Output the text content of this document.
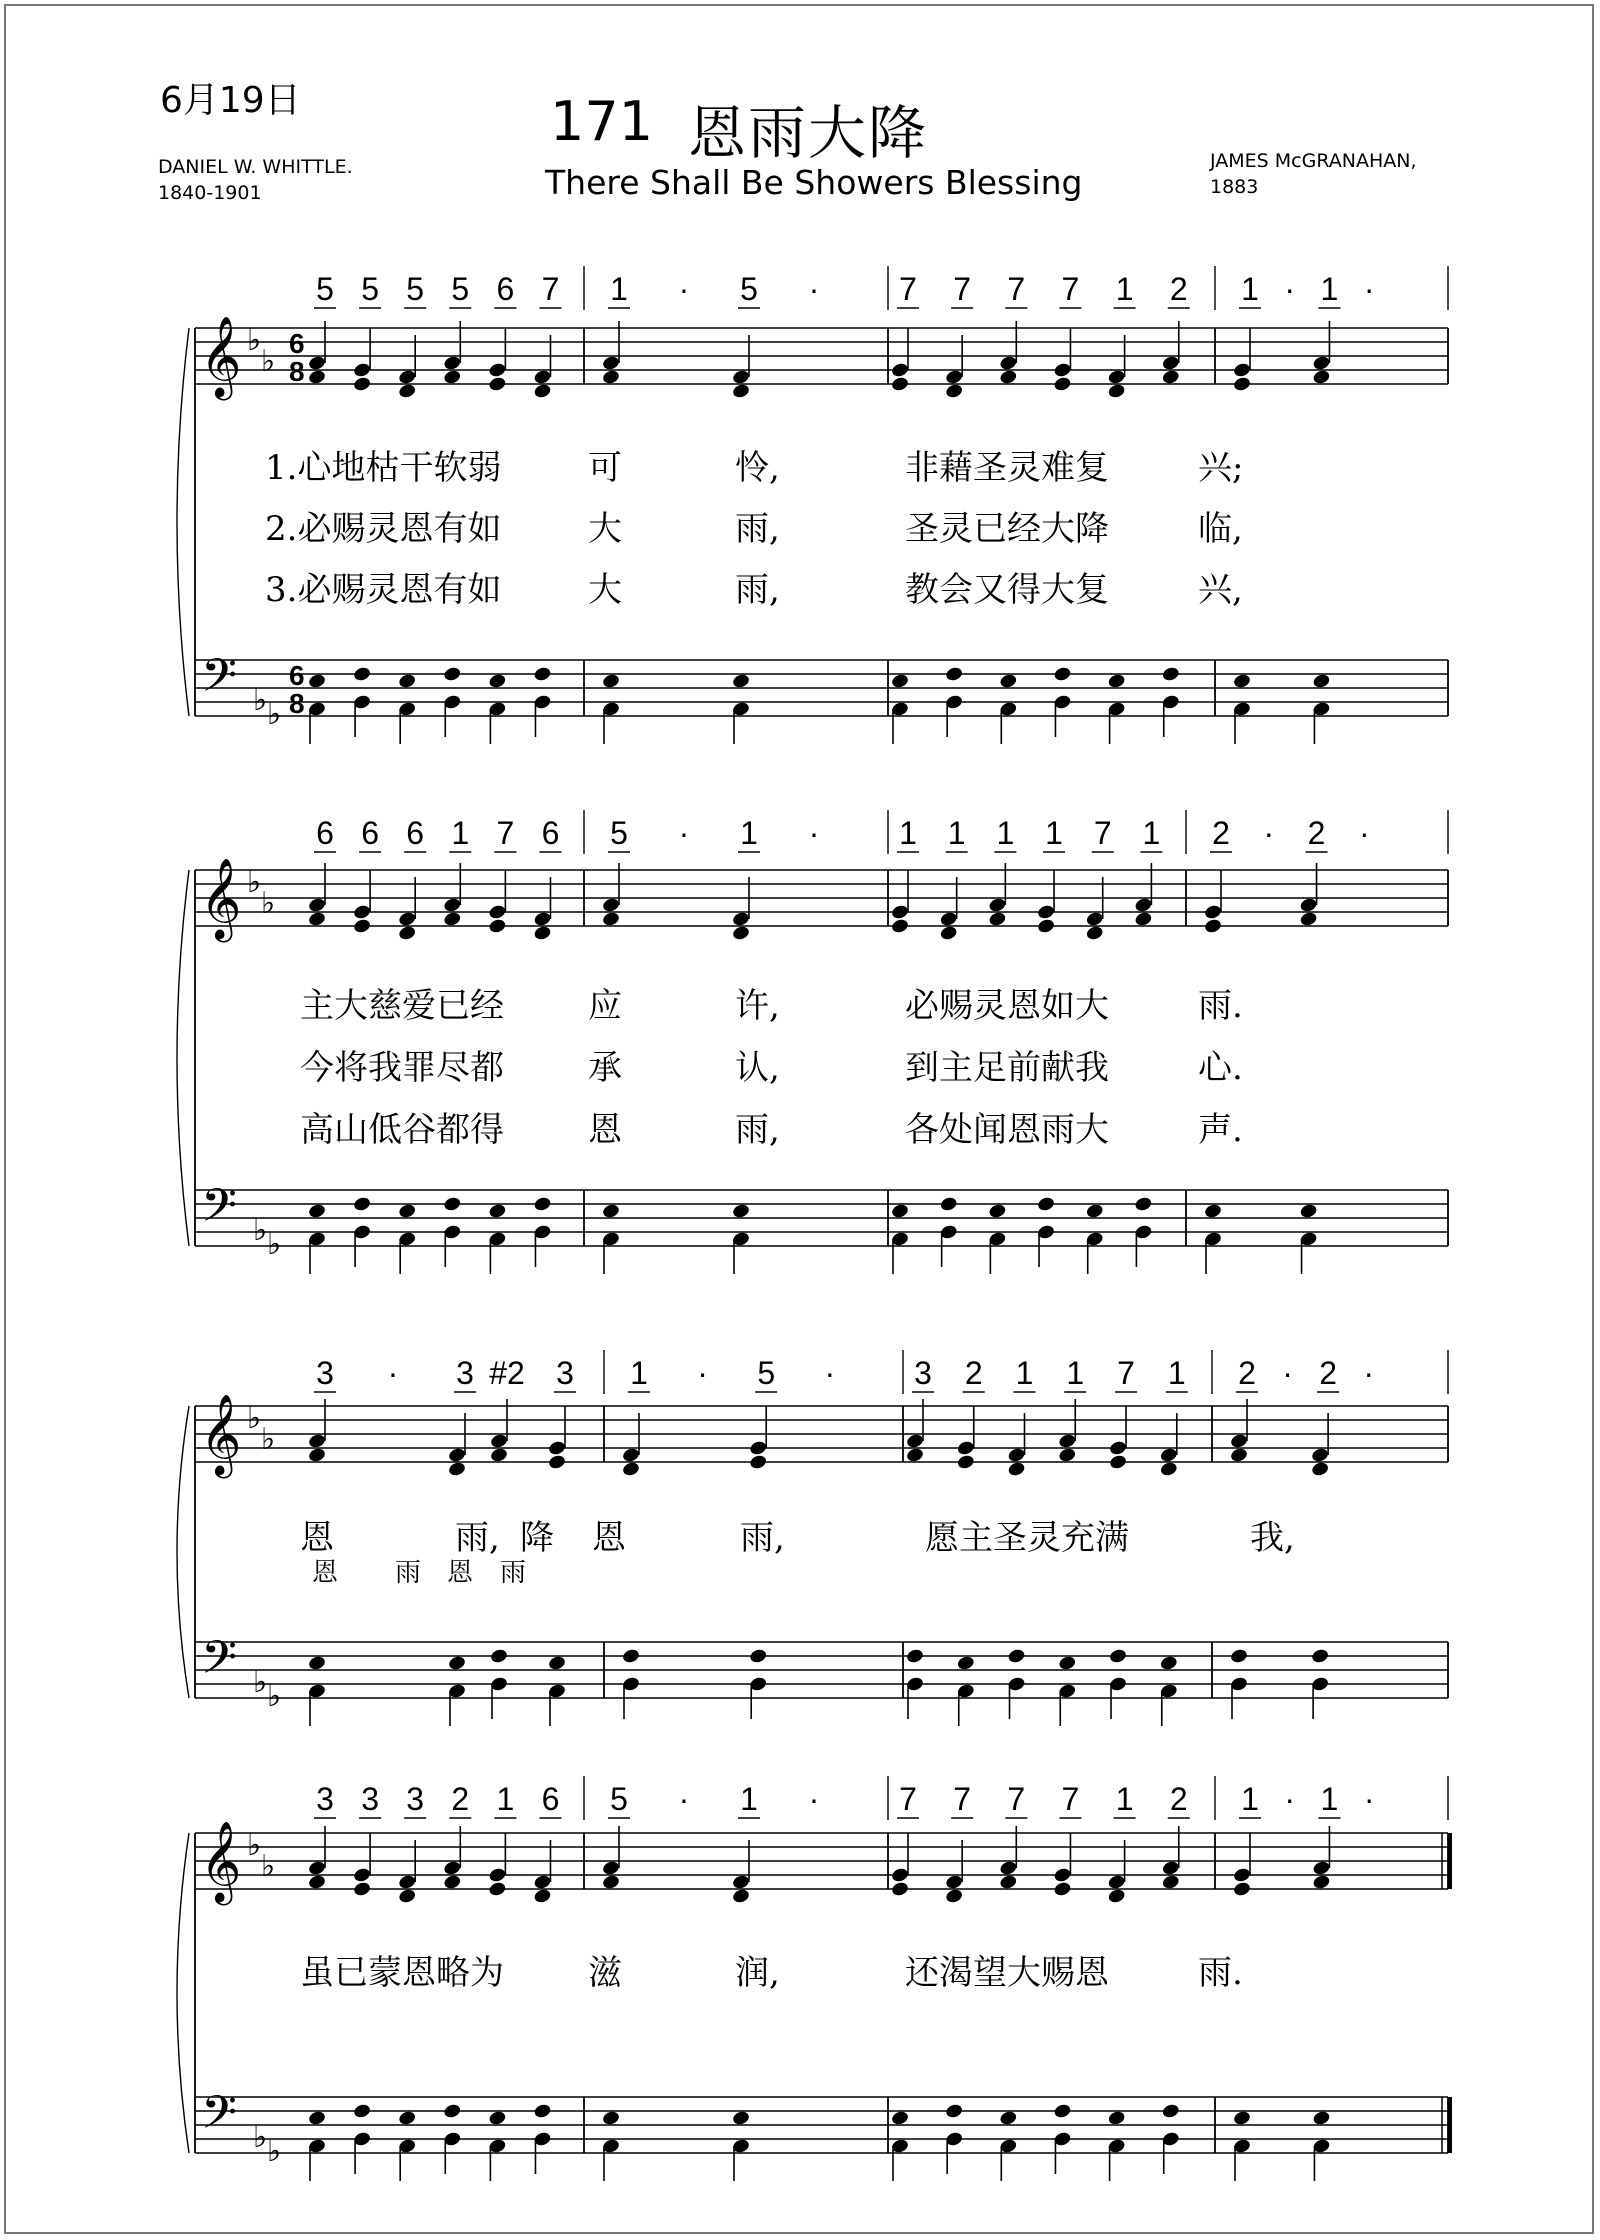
6月19日	171 恩雨大降
There Shall Be Showers Blessing
DANIEL W. WHITTLE.
1840-1901
JAMES McGRANAHAN,
1883
♭
♭
♭ ♭
𝄞
𝄢
6
8
6
8
5 5 5 5 6 7 1 · 5 · 7 7 7 7 1 2 1 · 1 ·
♭
♭
♭ ♭
𝄞
𝄢
6 6 6 1 7 6 5 · 1 · 1 1 1 1 7 1 2 · 2 ·
♭
♭
♭ ♭
𝄞
𝄢
3 · 3 #2 3 1 · 5 · 3 2 1 1 7 1 2 · 2 ·
♭
♭
♭ ♭
𝄞
𝄢
3 3 3 2 1 6 5 · 1 · 7 7 7 7 1 2 1 · 1 ·
1.心地枯干软弱	可	怜,	非藉圣灵难复	兴;
2.必赐灵恩有如	大	雨,	圣灵已经大降	临,
3.必赐灵恩有如	大	雨,	教会又得大复	兴,
主大慈爱已经 应	许,	必赐灵恩如大	雨.
今将我罪尽都 承	认,	到主足前献我	心.
高山低谷都得 恩	雨,	各处闻恩雨大	声.
恩	雨, 降 恩	雨,	愿主圣灵充满	我,
恩 雨 恩 雨
虽已蒙恩略为 滋	润,	还渴望大赐恩	雨.
